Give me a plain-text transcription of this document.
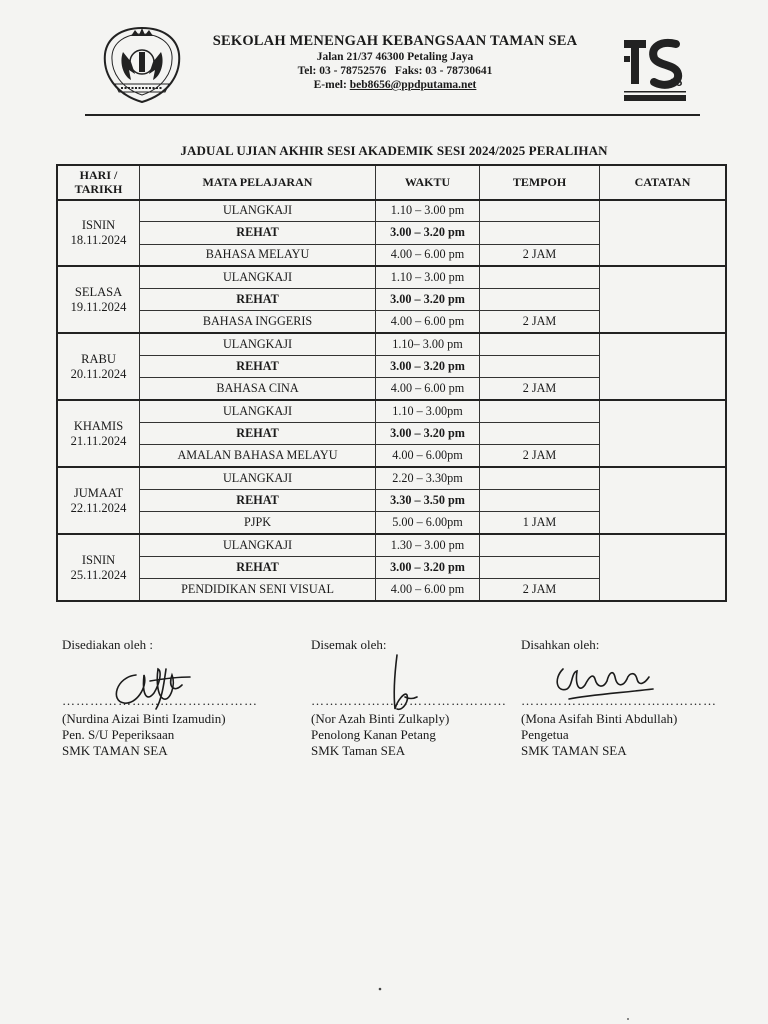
25
SEKOLAH MENENGAH KEBANGSAAN TAMAN SEA
Jalan 21/37 46300 Petaling Jaya
Tel: 03 - 78752576   Faks: 03 - 78730641
E-mel: beb8656@ppdputama.net
JADUAL UJIAN AKHIR SESI AKADEMIK SESI 2024/2025 PERALIHAN
HARI /
TARIKH	MATA PELAJARAN	WAKTU	TEMPOH	CATATAN

ISNIN
18.11.2024	ULANGKAJI	1.10 – 3.00 pm		
	REHAT	3.00 – 3.20 pm		
	BAHASA MELAYU	4.00 – 6.00 pm	2 JAM	

SELASA
19.11.2024	ULANGKAJI	1.10 – 3.00 pm		
	REHAT	3.00 – 3.20 pm		
	BAHASA INGGERIS	4.00 – 6.00 pm	2 JAM	

RABU
20.11.2024	ULANGKAJI	1.10– 3.00 pm		
	REHAT	3.00 – 3.20 pm		
	BAHASA CINA	4.00 – 6.00 pm	2 JAM	

KHAMIS
21.11.2024	ULANGKAJI	1.10 – 3.00pm		
	REHAT	3.00 – 3.20 pm		
	AMALAN BAHASA MELAYU	4.00 – 6.00pm	2 JAM	

JUMAAT
22.11.2024	ULANGKAJI	2.20 – 3.30pm		
	REHAT	3.30 – 3.50 pm		
	PJPK	5.00 – 6.00pm	1 JAM	

ISNIN
25.11.2024	ULANGKAJI	1.30 – 3.00 pm		
	REHAT	3.00 – 3.20 pm		
	PENDIDIKAN SENI VISUAL	4.00 – 6.00 pm	2 JAM	
Disediakan oleh :
……………………………………
(Nurdina Aizai Binti Izamudin)
Pen. S/U Peperiksaan
SMK TAMAN SEA
Disemak oleh:
……………………………………
(Nor Azah Binti Zulkaply)
Penolong Kanan Petang
SMK Taman SEA
Disahkan oleh:
……………………………………
(Mona Asifah Binti Abdullah)
Pengetua
SMK TAMAN SEA
